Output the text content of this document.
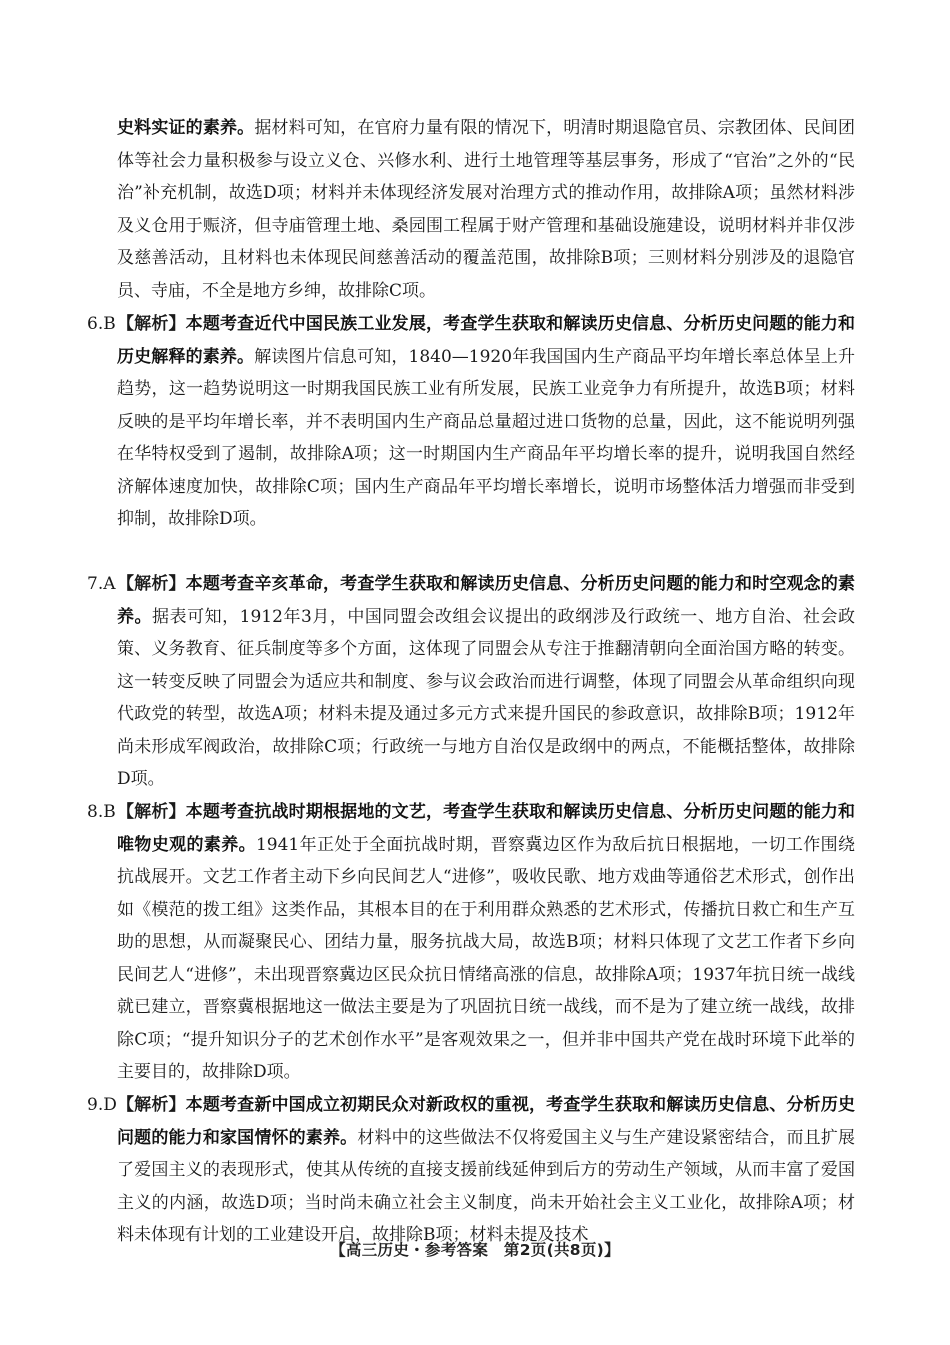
史料实证的素养。据材料可知，在官府力量有限的情况下，明清时期退隐官员、宗教团体、民间团体等社会力量积极参与设立义仓、兴修水利、进行土地管理等基层事务，形成了“官治”之外的“民治”补充机制，故选D项；材料并未体现经济发展对治理方式的推动作用，故排除A项；虽然材料涉及义仓用于赈济，但寺庙管理土地、桑园围工程属于财产管理和基础设施建设，说明材料并非仅涉及慈善活动，且材料也未体现民间慈善活动的覆盖范围，故排除B项；三则材料分别涉及的退隐官员、寺庙，不全是地方乡绅，故排除C项。
6.B 【解析】本题考查近代中国民族工业发展，考查学生获取和解读历史信息、分析历史问题的能力和历史解释的素养。解读图片信息可知，1840—1920年我国国内生产商品平均年增长率总体呈上升趋势，这一趋势说明这一时期我国民族工业有所发展，民族工业竞争力有所提升，故选B项；材料反映的是平均年增长率，并不表明国内生产商品总量超过进口货物的总量，因此，这不能说明列强在华特权受到了遏制，故排除A项；这一时期国内生产商品年平均增长率的提升，说明我国自然经济解体速度加快，故排除C项；国内生产商品年平均增长率增长，说明市场整体活力增强而非受到抑制，故排除D项。
7.A 【解析】本题考查辛亥革命，考查学生获取和解读历史信息、分析历史问题的能力和时空观念的素养。据表可知，1912年3月，中国同盟会改组会议提出的政纲涉及行政统一、地方自治、社会政策、义务教育、征兵制度等多个方面，这体现了同盟会从专注于推翻清朝向全面治国方略的转变。这一转变反映了同盟会为适应共和制度、参与议会政治而进行调整，体现了同盟会从革命组织向现代政党的转型，故选A项；材料未提及通过多元方式来提升国民的参政意识，故排除B项；1912年尚未形成军阀政治，故排除C项；行政统一与地方自治仅是政纲中的两点，不能概括整体，故排除D项。
8.B 【解析】本题考查抗战时期根据地的文艺，考查学生获取和解读历史信息、分析历史问题的能力和唯物史观的素养。1941年正处于全面抗战时期，晋察冀边区作为敌后抗日根据地，一切工作围绕抗战展开。文艺工作者主动下乡向民间艺人“进修”，吸收民歌、地方戏曲等通俗艺术形式，创作出如《模范的拨工组》这类作品，其根本目的在于利用群众熟悉的艺术形式，传播抗日救亡和生产互助的思想，从而凝聚民心、团结力量，服务抗战大局，故选B项；材料只体现了文艺工作者下乡向民间艺人“进修”，未出现晋察冀边区民众抗日情绪高涨的信息，故排除A项；1937年抗日统一战线就已建立，晋察冀根据地这一做法主要是为了巩固抗日统一战线，而不是为了建立统一战线，故排除C项；“提升知识分子的艺术创作水平”是客观效果之一，但并非中国共产党在战时环境下此举的主要目的，故排除D项。
9.D 【解析】本题考查新中国成立初期民众对新政权的重视，考查学生获取和解读历史信息、分析历史问题的能力和家国情怀的素养。材料中的这些做法不仅将爱国主义与生产建设紧密结合，而且扩展了爱国主义的表现形式，使其从传统的直接支援前线延伸到后方的劳动生产领域，从而丰富了爱国主义的内涵，故选D项；当时尚未确立社会主义制度，尚未开始社会主义工业化，故排除A项；材料未体现有计划的工业建设开启，故排除B项；材料未提及技术
【高三历史・参考答案　第2页(共8页)】
